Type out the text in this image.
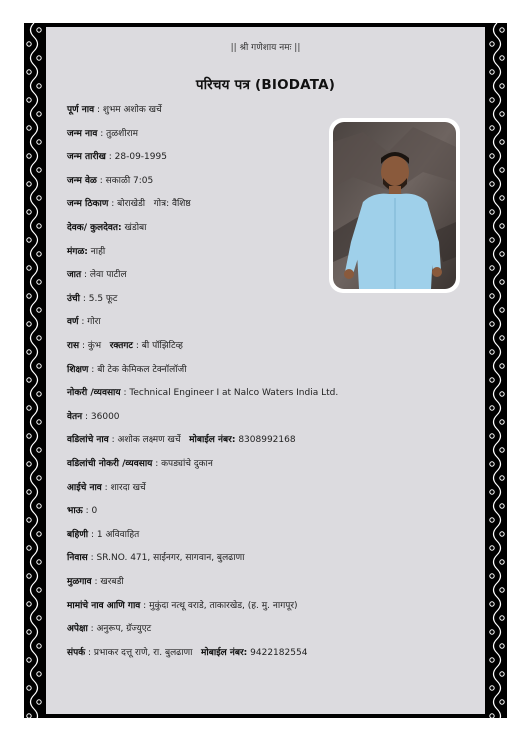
|| श्री गणेशाय नमः ||
परिचय पत्र (BIODATA)
पूर्ण नाव : शुभम अशोक खर्चे
जन्म नाव : तुळशीराम
जन्म तारीख : 28-09-1995
जन्म वेळ : सकाळी 7:05
जन्म ठिकाण : बोराखेडी   गोत्र: वैशिष्ठ
देवक/ कुलदेवत: खंडोबा
मंगळ: नाही
जात : लेवा पाटील
उंची : 5.5 फूट
वर्ण : गोरा
रास : कुंभ रक्तगट : बी पॉझिटिव्ह
शिक्षण : बी टेक केमिकल टेक्नॉलॉजी
नोकरी /व्यवसाय : Technical Engineer I at Nalco Waters India Ltd.
वेतन : 36000
वडिलांचे नाव : अशोक लक्ष्मण खर्चे मोबाईल नंबर: 8308992168
वडिलांची नोकरी /व्यवसाय : कपड्यांचे दुकान
आईचे नाव : शारदा खर्चे
भाऊ : 0
बहिणी : 1 अविवाहित
निवास : SR.NO. 471, साईनगर, सागवान, बुलढाणा
मुळगाव : खरबडी
मामांचे नाव आणि गाव : मुकुंदा नत्थू वराडे, ताकारखेड, (ह. मु. नागपूर)
अपेक्षा : अनुरूप, ग्रॅज्युएट
संपर्क : प्रभाकर दत्तू राणे, रा. बुलढाणा मोबाईल नंबर: 9422182554
